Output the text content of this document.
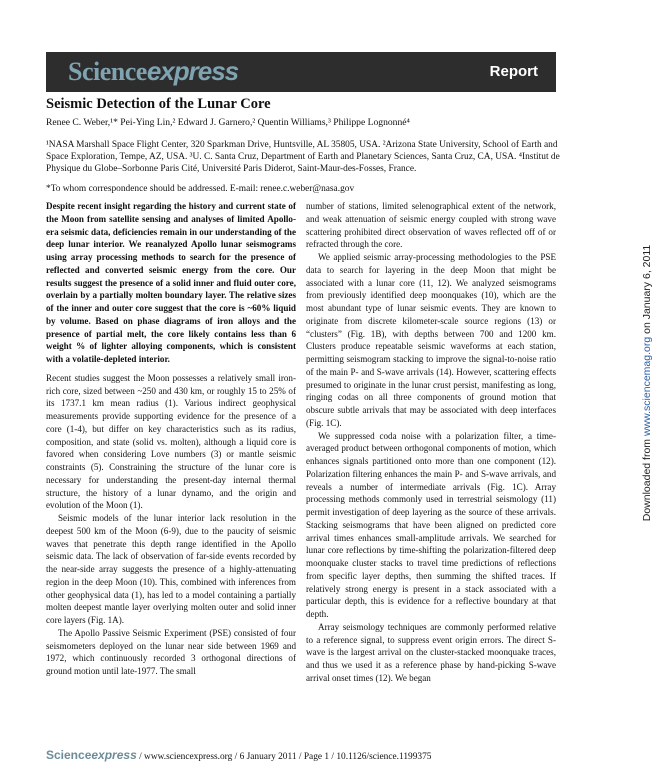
Scienceexpress	Report
Seismic Detection of the Lunar Core
Renee C. Weber,¹* Pei-Ying Lin,² Edward J. Garnero,² Quentin Williams,³ Philippe Lognonné⁴
¹NASA Marshall Space Flight Center, 320 Sparkman Drive, Huntsville, AL 35805, USA. ²Arizona State University, School of Earth and Space Exploration, Tempe, AZ, USA. ³U. C. Santa Cruz, Department of Earth and Planetary Sciences, Santa Cruz, CA, USA. ⁴Institut de Physique du Globe–Sorbonne Paris Cité, Université Paris Diderot, Saint-Maur-des-Fosses, France.
*To whom correspondence should be addressed. E-mail: renee.c.weber@nasa.gov

Despite recent insight regarding the history and current state of the Moon from satellite sensing and analyses of limited Apollo-era seismic data, deficiencies remain in our understanding of the deep lunar interior. We reanalyzed Apollo lunar seismograms using array processing methods to search for the presence of reflected and converted seismic energy from the core. Our results suggest the presence of a solid inner and fluid outer core, overlain by a partially molten boundary layer. The relative sizes of the inner and outer core suggest that the core is ~60% liquid by volume. Based on phase diagrams of iron alloys and the presence of partial melt, the core likely contains less than 6 weight % of lighter alloying components, which is consistent with a volatile-depleted interior.

Recent studies suggest the Moon possesses a relatively small iron-rich core, sized between ~250 and 430 km, or roughly 15 to 25% of its 1737.1 km mean radius (1). Various indirect geophysical measurements provide supporting evidence for the presence of a core (1-4), but differ on key characteristics such as its radius, composition, and state (solid vs. molten), although a liquid core is favored when considering Love numbers (3) or mantle seismic constraints (5). Constraining the structure of the lunar core is necessary for understanding the present-day internal thermal structure, the history of a lunar dynamo, and the origin and evolution of the Moon (1).

Seismic models of the lunar interior lack resolution in the deepest 500 km of the Moon (6-9), due to the paucity of seismic waves that penetrate this depth range identified in the Apollo seismic data. The lack of observation of far-side events recorded by the near-side array suggests the presence of a highly-attenuating region in the deep Moon (10). This, combined with inferences from other geophysical data (1), has led to a model containing a partially molten deepest mantle layer overlying molten outer and solid inner core layers (Fig. 1A).

The Apollo Passive Seismic Experiment (PSE) consisted of four seismometers deployed on the lunar near side between 1969 and 1972, which continuously recorded 3 orthogonal directions of ground motion until late-1977. The small

number of stations, limited selenographical extent of the network, and weak attenuation of seismic energy coupled with strong wave scattering prohibited direct observation of waves reflected off of or refracted through the core.

We applied seismic array-processing methodologies to the PSE data to search for layering in the deep Moon that might be associated with a lunar core (11, 12). We analyzed seismograms from previously identified deep moonquakes (10), which are the most abundant type of lunar seismic events. They are known to originate from discrete kilometer-scale source regions (13) or “clusters” (Fig. 1B), with depths between 700 and 1200 km. Clusters produce repeatable seismic waveforms at each station, permitting seismogram stacking to improve the signal-to-noise ratio of the main P- and S-wave arrivals (14). However, scattering effects presumed to originate in the lunar crust persist, manifesting as long, ringing codas on all three components of ground motion that obscure subtle arrivals that may be associated with deep interfaces (Fig. 1C).

We suppressed coda noise with a polarization filter, a time-averaged product between orthogonal components of motion, which enhances signals partitioned onto more than one component (12). Polarization filtering enhances the main P- and S-wave arrivals, and reveals a number of intermediate arrivals (Fig. 1C). Array processing methods commonly used in terrestrial seismology (11) permit investigation of deep layering as the source of these arrivals. Stacking seismograms that have been aligned on predicted core arrival times enhances small-amplitude arrivals. We searched for lunar core reflections by time-shifting the polarization-filtered deep moonquake cluster stacks to travel time predictions of reflections from specific layer depths, then summing the shifted traces. If relatively strong energy is present in a stack associated with a particular depth, this is evidence for a reflective boundary at that depth.

Array seismology techniques are commonly performed relative to a reference signal, to suppress event origin errors. The direct S-wave is the largest arrival on the cluster-stacked moonquake traces, and thus we used it as a reference phase by hand-picking S-wave arrival onset times (12). We began

Downloaded from www.sciencemag.org on January 6, 2011
Scienceexpress / www.sciencexpress.org / 6 January 2011 / Page 1 / 10.1126/science.1199375
